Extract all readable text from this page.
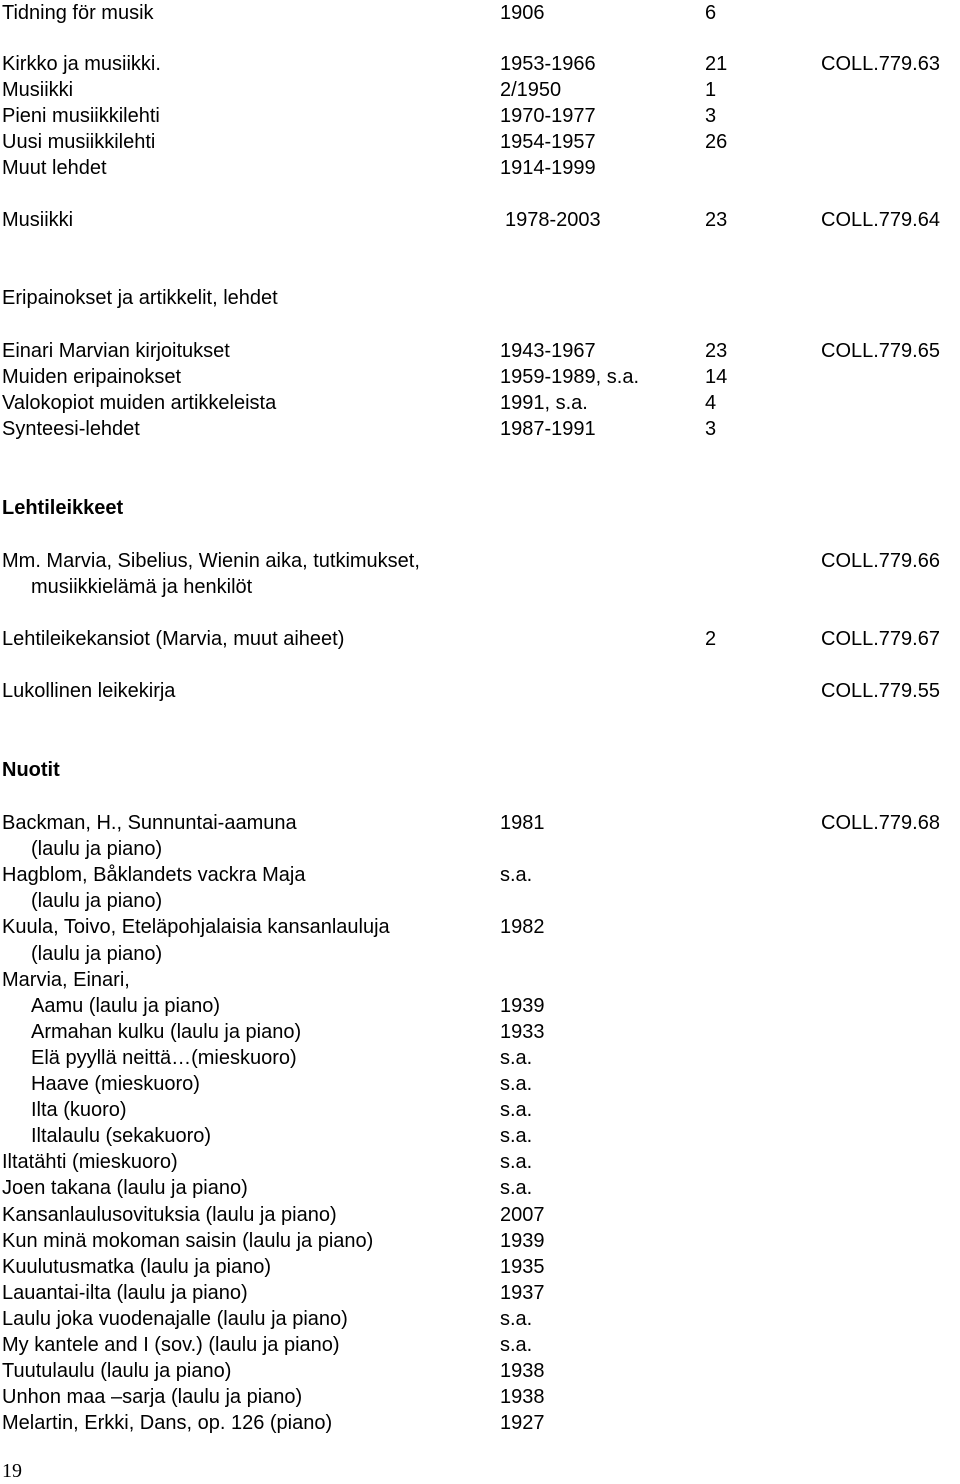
Tidning för musik	1906	6
Kirkko ja musiikki.	1953-1966	21	COLL.779.63
Musiikki	2/1950	1
Pieni musiikkilehti	1970-1977	3
Uusi musiikkilehti	1954-1957	26
Muut lehdet	1914-1999
Musiikki	1978-2003	23	COLL.779.64
Eripainokset ja artikkelit, lehdet
Einari Marvian kirjoitukset	1943-1967	23	COLL.779.65
Muiden eripainokset	1959-1989, s.a.	14
Valokopiot muiden artikkeleista	1991, s.a.	4
Synteesi-lehdet	1987-1991	3
Lehtileikkeet
Mm. Marvia, Sibelius, Wienin aika, tutkimukset,	COLL.779.66
musiikkielämä ja henkilöt
Lehtileikekansiot (Marvia, muut aiheet)	2	COLL.779.67
Lukollinen leikekirja	COLL.779.55
Nuotit
Backman, H., Sunnuntai-aamuna	1981	COLL.779.68
(laulu ja piano)
Hagblom, Båklandets vackra Maja	s.a.
(laulu ja piano)
Kuula, Toivo, Eteläpohjalaisia kansanlauluja	1982
(laulu ja piano)
Marvia, Einari,
Aamu (laulu ja piano)	1939
Armahan kulku (laulu ja piano)	1933
Elä pyyllä neittä…(mieskuoro)	s.a.
Haave (mieskuoro)	s.a.
Ilta (kuoro)	s.a.
Iltalaulu (sekakuoro)	s.a.
Iltatähti (mieskuoro)	s.a.
Joen takana (laulu ja piano)	s.a.
Kansanlaulusovituksia (laulu ja piano)	2007
Kun minä mokoman saisin (laulu ja piano)	1939
Kuulutusmatka (laulu ja piano)	1935
Lauantai-ilta (laulu ja piano)	1937
Laulu joka vuodenajalle (laulu ja piano)	s.a.
My kantele and I (sov.) (laulu ja piano)	s.a.
Tuutulaulu (laulu ja piano)	1938
Unhon maa –sarja (laulu ja piano)	1938
Melartin, Erkki, Dans, op. 126 (piano)	1927
19
